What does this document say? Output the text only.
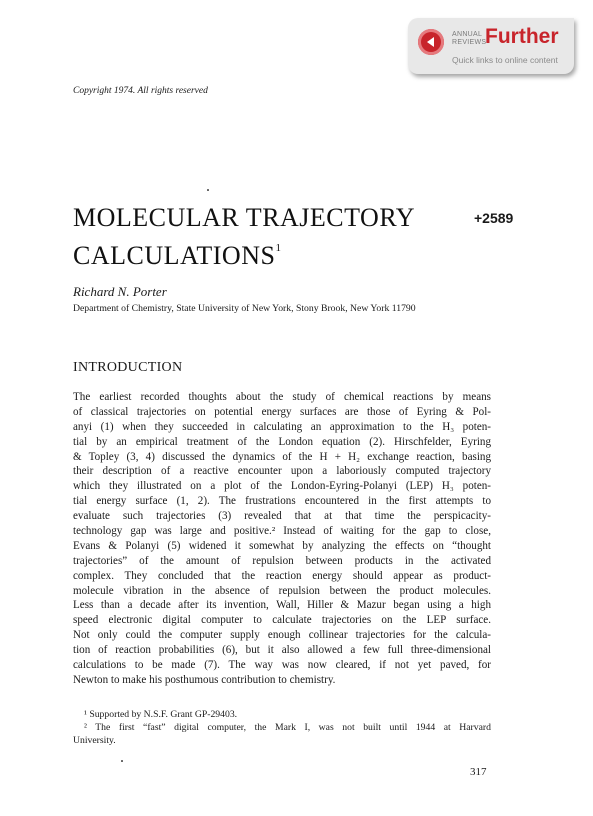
ANNUAL
REVIEWS
Further
Quick links to online content
Copyright 1974. All rights reserved
MOLECULAR TRAJECTORY
$CALCULATIONS^1$
+2589
Richard N. Porter
Department of Chemistry, State University of New York, Stony Brook, New York 11790
INTRODUCTION
The earliest recorded thoughts about the study of chemical reactions by means
of classical trajectories on potential energy surfaces are those of Eyring & Pol-
anyi (1) when they succeeded in calculating an approximation to the H₃ poten-
tial by an empirical treatment of the London equation (2). Hirschfelder, Eyring
& Topley (3, 4) discussed the dynamics of the H + H₂ exchange reaction, basing
their description of a reactive encounter upon a laboriously computed trajectory
which they illustrated on a plot of the London-Eyring-Polanyi (LEP) H₃ poten-
tial energy surface (1, 2). The frustrations encountered in the first attempts to
evaluate such trajectories (3) revealed that at that time the perspicacity-
technology gap was large and positive.² Instead of waiting for the gap to close,
Evans & Polanyi (5) widened it somewhat by analyzing the effects on “thought
trajectories” of the amount of repulsion between products in the activated
complex. They concluded that the reaction energy should appear as product-
molecule vibration in the absence of repulsion between the product molecules.
Less than a decade after its invention, Wall, Hiller & Mazur began using a high
speed electronic digital computer to calculate trajectories on the LEP surface.
Not only could the computer supply enough collinear trajectories for the calcula-
tion of reaction probabilities (6), but it also allowed a few full three-dimensional
calculations to be made (7). The way was now cleared, if not yet paved, for
Newton to make his posthumous contribution to chemistry.
¹ Supported by N.S.F. Grant GP-29403.
² The first “fast” digital computer, the Mark I, was not built until 1944 at Harvard
University.
317
